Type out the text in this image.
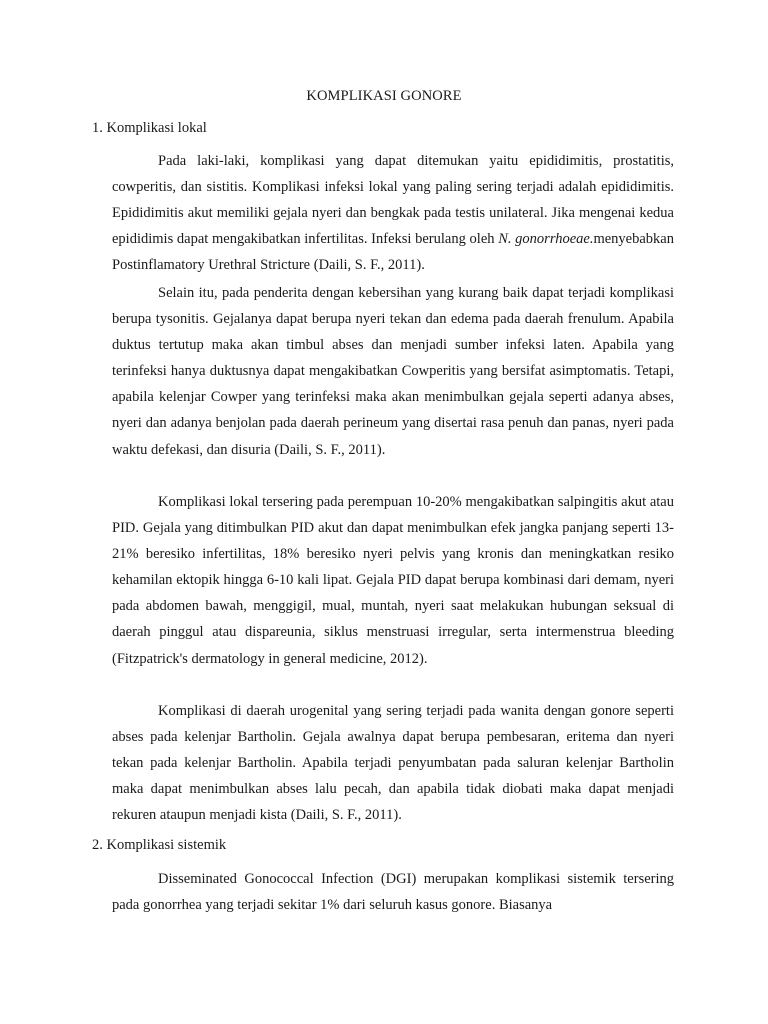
KOMPLIKASI GONORE

1. Komplikasi lokal

Pada laki-laki, komplikasi yang dapat ditemukan yaitu epididimitis, prostatitis, cowperitis, dan sistitis. Komplikasi infeksi lokal yang paling sering terjadi adalah epididimitis. Epididimitis akut memiliki gejala nyeri dan bengkak pada testis unilateral. Jika mengenai kedua epididimis dapat mengakibatkan infertilitas. Infeksi berulang oleh N. gonorrhoeae.menyebabkan Postinflamatory Urethral Stricture (Daili, S. F., 2011).

Selain itu, pada penderita dengan kebersihan yang kurang baik dapat terjadi komplikasi berupa tysonitis. Gejalanya dapat berupa nyeri tekan dan edema pada daerah frenulum. Apabila duktus tertutup maka akan timbul abses dan menjadi sumber infeksi laten. Apabila yang terinfeksi hanya duktusnya dapat mengakibatkan Cowperitis yang bersifat asimptomatis. Tetapi, apabila kelenjar Cowper yang terinfeksi maka akan menimbulkan gejala seperti adanya abses, nyeri dan adanya benjolan pada daerah perineum yang disertai rasa penuh dan panas, nyeri pada waktu defekasi, dan disuria (Daili, S. F., 2011).

Komplikasi lokal tersering pada perempuan 10-20% mengakibatkan salpingitis akut atau PID. Gejala yang ditimbulkan PID akut dan dapat menimbulkan efek jangka panjang seperti 13-21% beresiko infertilitas, 18% beresiko nyeri pelvis yang kronis dan meningkatkan resiko kehamilan ektopik hingga 6-10 kali lipat. Gejala PID dapat berupa kombinasi dari demam, nyeri pada abdomen bawah, menggigil, mual, muntah, nyeri saat melakukan hubungan seksual di daerah pinggul atau dispareunia, siklus menstruasi irregular, serta intermenstrua bleeding (Fitzpatrick's dermatology in general medicine, 2012).

Komplikasi di daerah urogenital yang sering terjadi pada wanita dengan gonore seperti abses pada kelenjar Bartholin. Gejala awalnya dapat berupa pembesaran, eritema dan nyeri tekan pada kelenjar Bartholin. Apabila terjadi penyumbatan pada saluran kelenjar Bartholin maka dapat menimbulkan abses lalu pecah, dan apabila tidak diobati maka dapat menjadi rekuren ataupun menjadi kista (Daili, S. F., 2011).

2. Komplikasi sistemik

Disseminated Gonococcal Infection (DGI) merupakan komplikasi sistemik tersering pada gonorrhea yang terjadi sekitar 1% dari seluruh kasus gonore. Biasanya
